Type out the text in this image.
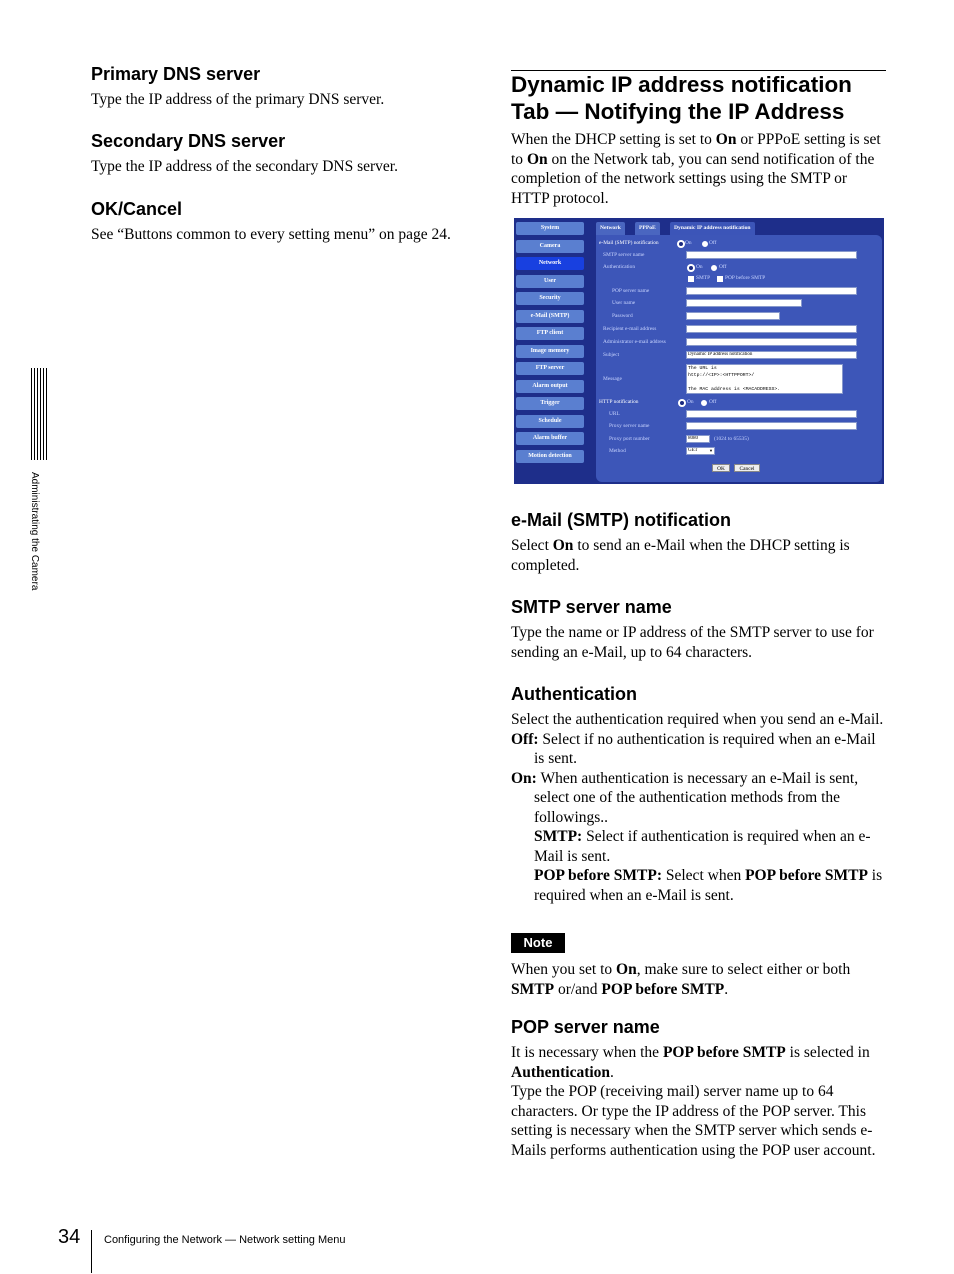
Primary DNS server

Type the IP address of the primary DNS server.

Secondary DNS server

Type the IP address of the secondary DNS server.

OK/Cancel

See “Buttons common to every setting menu” on page 24.

Administrating the Camera
Dynamic IP address notification Tab — Notifying the IP Address

When the DHCP setting is set to On or PPPoE setting is set to On on the Network tab, you can send notification of the completion of the network settings using the SMTP or HTTP protocol.

System
Camera
Network
User
Security
e-Mail (SMTP)
FTP client
Image memory
FTP server
Alarm output
Trigger
Schedule
Alarm buffer
Motion detection
Network	PPPoE	Dynamic IP address notification
e-Mail (SMTP) notification	On	Off
SMTP server name
Authentication	On	Off
SMTP	POP before SMTP
POP server name
User name
Password
Recipient e-mail address
Administrator e-mail address
Subject	Dynamic IP address notification
Message
The URL is
http://<IP>:<HTTPPORT>/
The MAC address is <MACADDRESS>.
HTTP notification	On	Off
URL
Proxy server name
Proxy port number	8080	(1024 to 65535)
Method	GET	▼
OK	Cancel
e-Mail (SMTP) notification

Select On to send an e-Mail when the DHCP setting is completed.

SMTP server name

Type the name or IP address of the SMTP server to use for sending an e-Mail, up to 64 characters.

Authentication
Select the authentication required when you send an e-Mail.
Off: Select if no authentication is required when an e-Mail is sent.
On: When authentication is necessary an e-Mail is sent, select one of the authentication methods from the followings..
SMTP: Select if authentication is required when an e-Mail is sent.
POP before SMTP: Select when POP before SMTP is required when an e-Mail is sent.
Note

When you set to On, make sure to select either or both SMTP or/and POP before SMTP.

POP server name
It is necessary when the POP before SMTP is selected in Authentication.
Type the POP (receiving mail) server name up to 64 characters. Or type the IP address of the POP server. This setting is necessary when the SMTP server which sends e-Mails performs authentication using the POP user account.
34 Configuring the Network — Network setting Menu
